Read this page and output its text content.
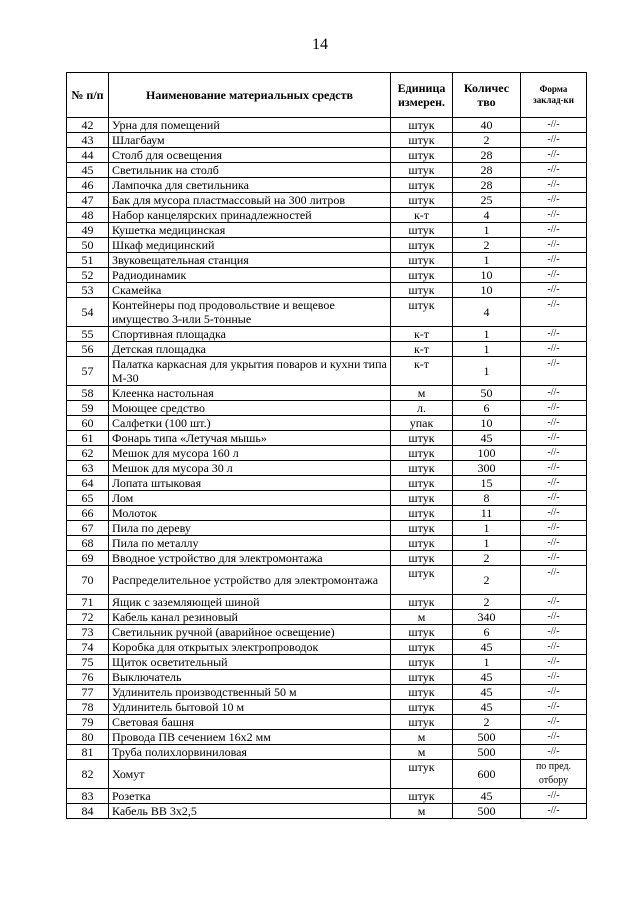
14
№ п/п	Наименование материальных средств	Единица измерен.	Количес тво	Форма заклад-ки
42	Урна для помещений	штук	40	-//-
43	Шлагбаум	штук	2	-//-
44	Столб для освещения	штук	28	-//-
45	Светильник на столб	штук	28	-//-
46	Лампочка для светильника	штук	28	-//-
47	Бак для мусора пластмассовый на 300 литров	штук	25	-//-
48	Набор канцелярских принадлежностей	к-т	4	-//-
49	Кушетка медицинская	штук	1	-//-
50	Шкаф медицинский	штук	2	-//-
51	Звуковещательная станция	штук	1	-//-
52	Радиодинамик	штук	10	-//-
53	Скамейка	штук	10	-//-
54	Контейнеры под продовольствие и вещевое имущество 3-или 5-тонные	штук	4	-//-
55	Спортивная площадка	к-т	1	-//-
56	Детская площадка	к-т	1	-//-
57	Палатка каркасная для укрытия поваров и кухни типа М-30	к-т	1	-//-
58	Клеенка настольная	м	50	-//-
59	Моющее средство	л.	6	-//-
60	Салфетки (100 шт.)	упак	10	-//-
61	Фонарь типа «Летучая мышь»	штук	45	-//-
62	Мешок для мусора 160 л	штук	100	-//-
63	Мешок для мусора 30 л	штук	300	-//-
64	Лопата штыковая	штук	15	-//-
65	Лом	штук	8	-//-
66	Молоток	штук	11	-//-
67	Пила по дереву	штук	1	-//-
68	Пила по металлу	штук	1	-//-
69	Вводное устройство для электромонтажа	штук	2	-//-
70	Распределительное устройство для электромонтажа	штук	2	-//-
71	Ящик с заземляющей шиной	штук	2	-//-
72	Кабель канал резиновый	м	340	-//-
73	Светильник ручной (аварийное освещение)	штук	6	-//-
74	Коробка для открытых электропроводок	штук	45	-//-
75	Щиток осветительный	штук	1	-//-
76	Выключатель	штук	45	-//-
77	Удлинитель производственный 50 м	штук	45	-//-
78	Удлинитель бытовой 10 м	штук	45	-//-
79	Световая башня	штук	2	-//-
80	Провода ПВ сечением 16х2 мм	м	500	-//-
81	Труба полихлорвиниловая	м	500	-//-
82	Хомут	штук	600	по пред. отбору
83	Розетка	штук	45	-//-
84	Кабель ВВ 3х2,5	м	500	-//-
